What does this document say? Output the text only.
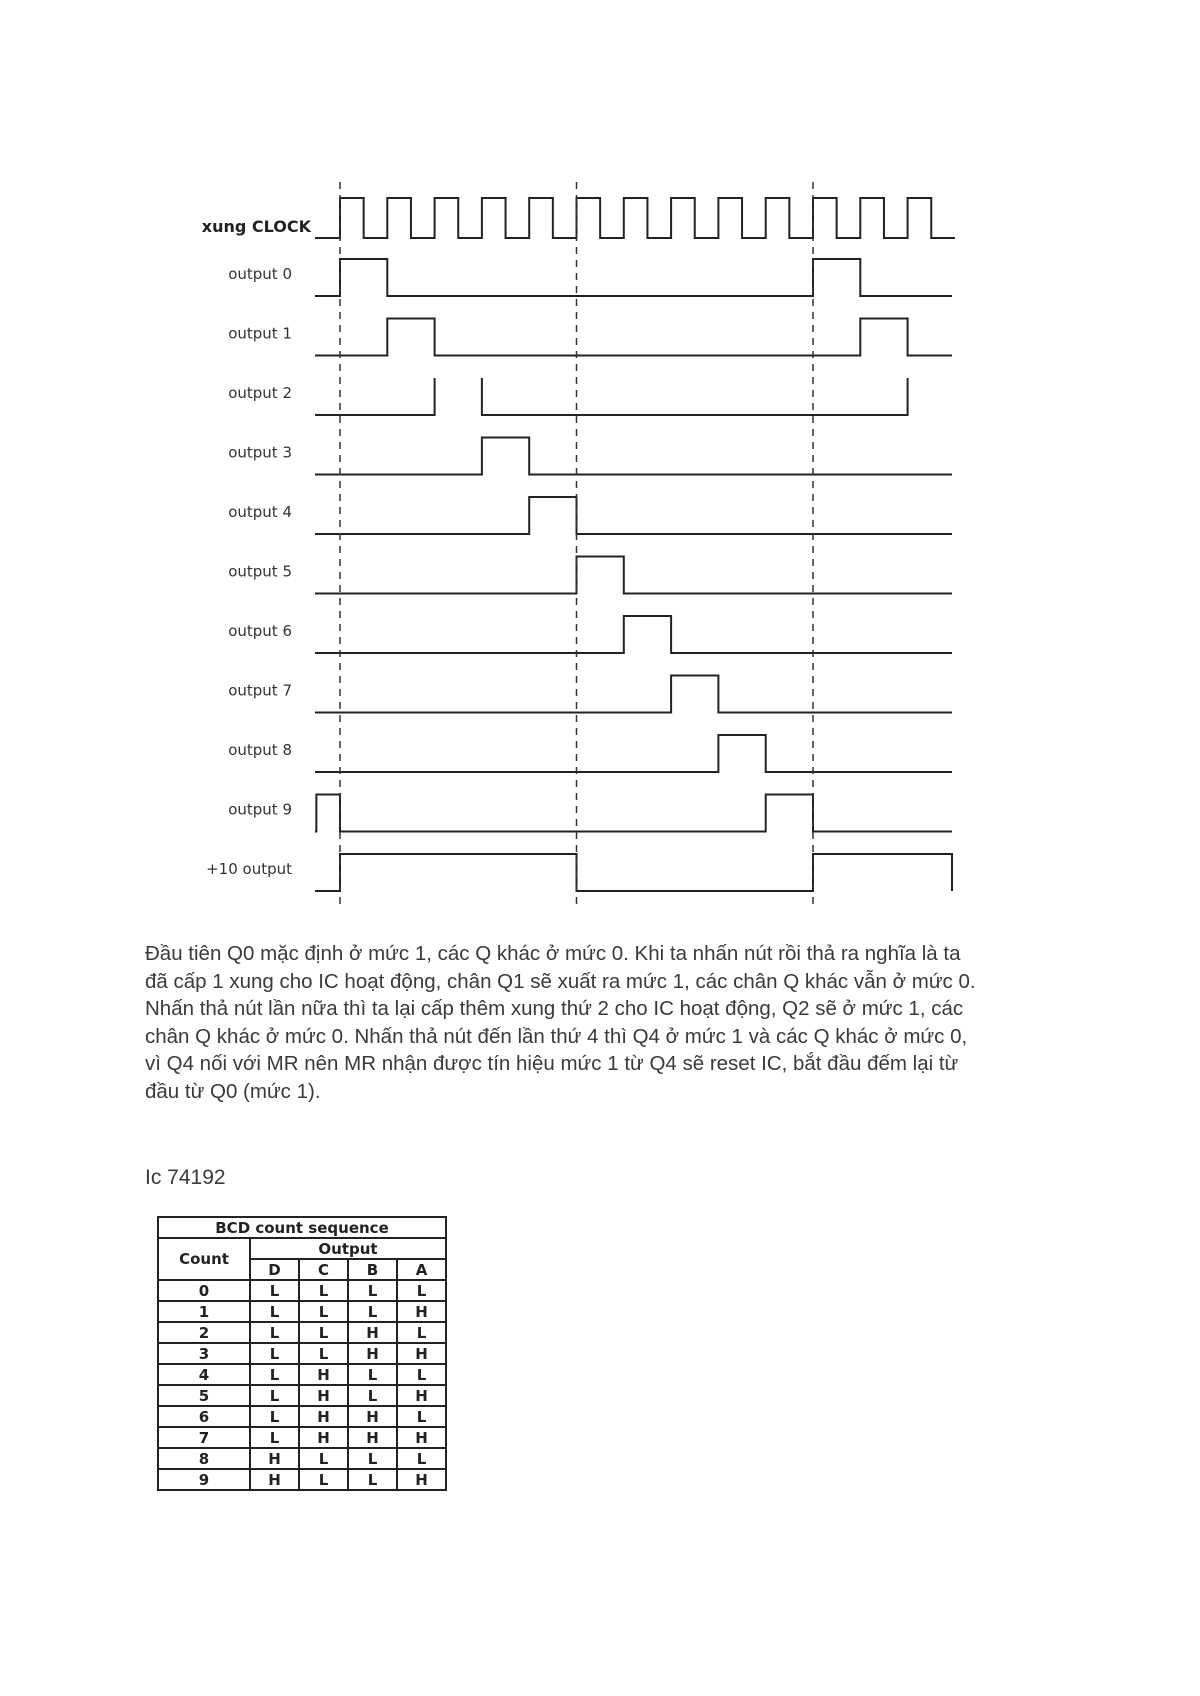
xung CLOCK
output 0
output 1
output 2
output 3
output 4
output 5
output 6
output 7
output 8
output 9
+10 output

Đầu tiên Q0 mặc định ở mức 1, các Q khác ở mức 0. Khi ta nhấn nút rồi thả ra nghĩa là ta
đã cấp 1 xung cho IC hoạt động, chân Q1 sẽ xuất ra mức 1, các chân Q khác vẫn ở mức 0.
Nhấn thả nút lần nữa thì ta lại cấp thêm xung thứ 2 cho IC hoạt động, Q2 sẽ ở mức 1, các
chân Q khác ở mức 0. Nhấn thả nút đến lần thứ 4 thì Q4 ở mức 1 và các Q khác ở mức 0,
vì Q4 nối với MR nên MR nhận được tín hiệu mức 1 từ Q4 sẽ reset IC, bắt đầu đếm lại từ
đầu từ Q0 (mức 1).

Ic 74192

BCD count sequence				
Count	Output			
	D	C	B	A
0	L	L	L	L
1	L	L	L	H
2	L	L	H	L
3	L	L	H	H
4	L	H	L	L
5	L	H	L	H
6	L	H	H	L
7	L	H	H	H
8	H	L	L	L
9	H	L	L	H
